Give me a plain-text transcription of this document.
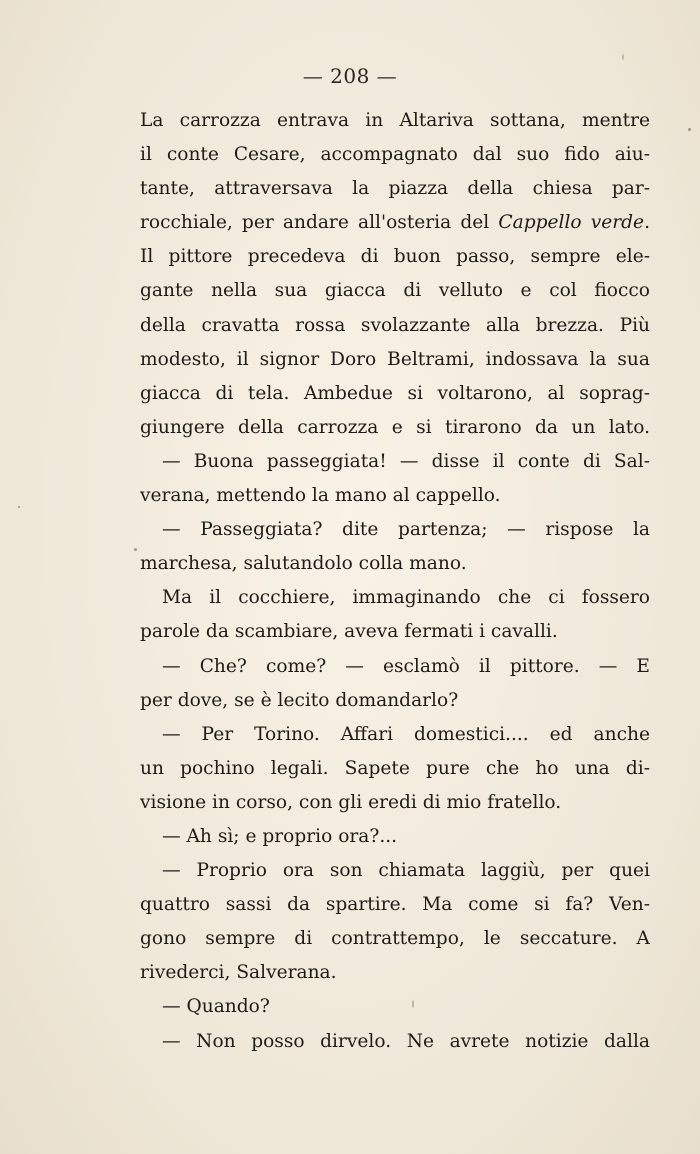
— 208 —
La carrozza entrava in Altariva sottana, mentre
il conte Cesare, accompagnato dal suo fido aiu-
tante, attraversava la piazza della chiesa par-
rocchiale, per andare all'osteria del Cappello verde.
Il pittore precedeva di buon passo, sempre ele-
gante nella sua giacca di velluto e col fiocco
della cravatta rossa svolazzante alla brezza. Più
modesto, il signor Doro Beltrami, indossava la sua
giacca di tela. Ambedue si voltarono, al soprag-
giungere della carrozza e si tirarono da un lato.
— Buona passeggiata! — disse il conte di Sal-
verana, mettendo la mano al cappello.
— Passeggiata? dite partenza; — rispose la
marchesa, salutandolo colla mano.
Ma il cocchiere, immaginando che ci fossero
parole da scambiare, aveva fermati i cavalli.
— Che? come? — esclamò il pittore. — E
per dove, se è lecito domandarlo?
— Per Torino. Affari domestici.... ed anche
un pochino legali. Sapete pure che ho una di-
visione in corso, con gli eredi di mio fratello.
— Ah sì; e proprio ora?...
— Proprio ora son chiamata laggiù, per quei
quattro sassi da spartire. Ma come si fa? Ven-
gono sempre di contrattempo, le seccature. A
rivederci, Salverana.
— Quando?
— Non posso dirvelo. Ne avrete notizie dalla
